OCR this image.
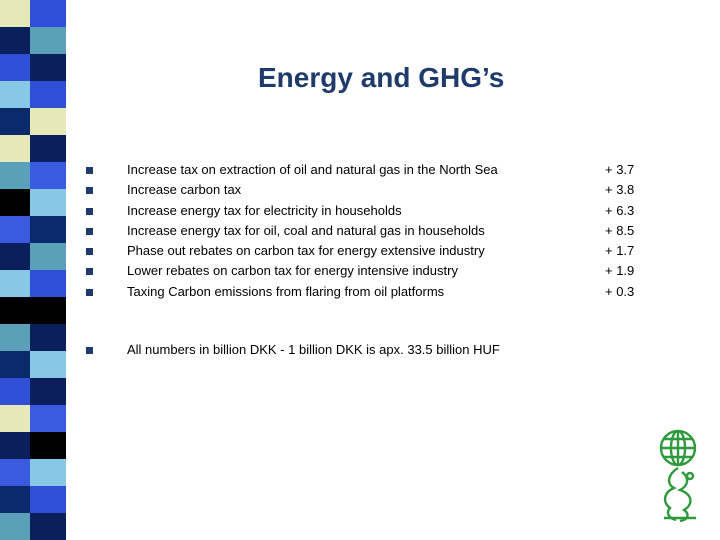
Energy and GHG’s
Increase tax on extraction of oil and natural gas in the North Sea	+ 3.7
Increase carbon tax	+ 3.8
Increase energy tax for electricity in households	+ 6.3
Increase energy tax for oil, coal and natural gas in households	+ 8.5
Phase out rebates on carbon tax for energy extensive industry	+ 1.7
Lower rebates on carbon tax for energy intensive industry	+ 1.9
Taxing Carbon emissions from flaring from oil platforms	+ 0.3
All numbers in billion DKK - 1 billion DKK is apx. 33.5 billion HUF
